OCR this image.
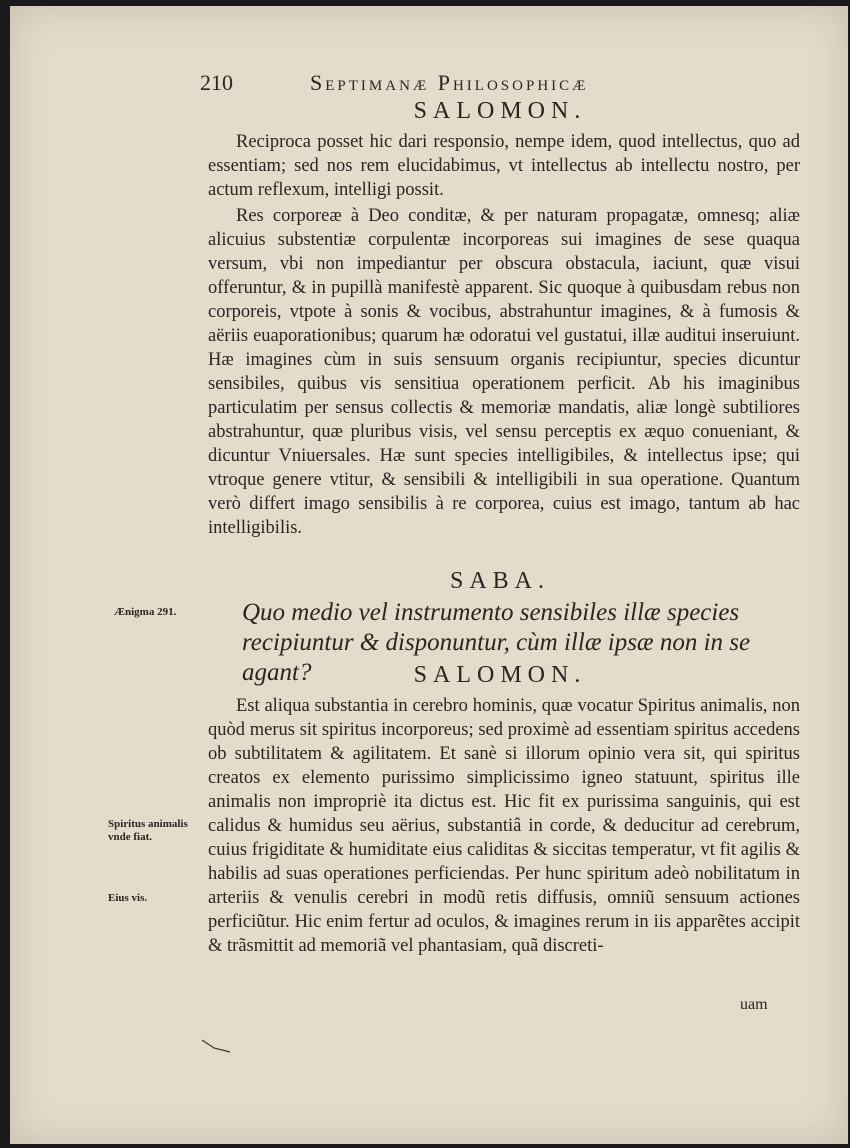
210	Septimanæ Philosophicæ
SALOMON.
Reciproca posset hic dari responsio, nempe idem, quod intellectus, quo ad essentiam; sed nos rem elucidabimus, vt intellectus ab intellectu nostro, per actum reflexum, intelligi possit.
Res corporeæ à Deo conditæ, & per naturam propagatæ, omnesq; aliæ alicuius substentiæ corpulentæ incorporeas sui imagines de sese quaqua versum, vbi non impediantur per obscura obstacula, iaciunt, quæ visui offeruntur, & in pupillà manifestè apparent. Sic quoque à quibusdam rebus non corporeis, vtpote à sonis & vocibus, abstrahuntur imagines, & à fumosis & aëriis euaporationibus; quarum hæ odoratui vel gustatui, illæ auditui inseruiunt. Hæ imagines cùm in suis sensuum organis recipiuntur, species dicuntur sensibiles, quibus vis sensitiua operationem perficit. Ab his imaginibus particulatim per sensus collectis & memoriæ mandatis, aliæ longè subtiliores abstrahuntur, quæ pluribus visis, vel sensu perceptis ex æquo conueniant, & dicuntur Vniuersales. Hæ sunt species intelligibiles, & intellectus ipse; qui vtroque genere vtitur, & sensibili & intelligibili in sua operatione. Quantum verò differt imago sensibilis à re corporea, cuius est imago, tantum ab hac intelligibilis.
SABA.
Ænigma 291.	Quo medio vel instrumento sensibiles illæ species recipiuntur & disponuntur, cùm illæ ipsæ non in se agant?	SALOMON.
Est aliqua substantia in cerebro hominis, quæ vocatur Spiritus animalis, non quòd merus sit spiritus incorporeus; sed proximè ad essentiam spiritus accedens ob subtilitatem & agilitatem. Et sanè si illorum opinio vera sit, qui spiritus creatos ex elemento purissimo simplicissimo igneo statuunt, spiritus ille animalis non impropriè ita dictus est. Hic fit ex purissima sanguinis, qui est calidus & humidus seu aërius, substantiâ in corde, & deducitur ad cerebrum, cuius frigiditate & humiditate eius caliditas & siccitas temperatur, vt fit agilis & habilis ad suas operationes perficiendas. Per hunc spiritum adeò nobilitatum in arteriis & venulis cerebri in modũ retis diffusis, omniũ sensuum actiones perficiũtur. Hic enim fertur ad oculos, & imagines rerum in iis apparẽtes accipit & trãsmittit ad memoriã vel phantasiam, quã discreti-
Spiritus animalis vnde fiat.
Eius vis.
uam
